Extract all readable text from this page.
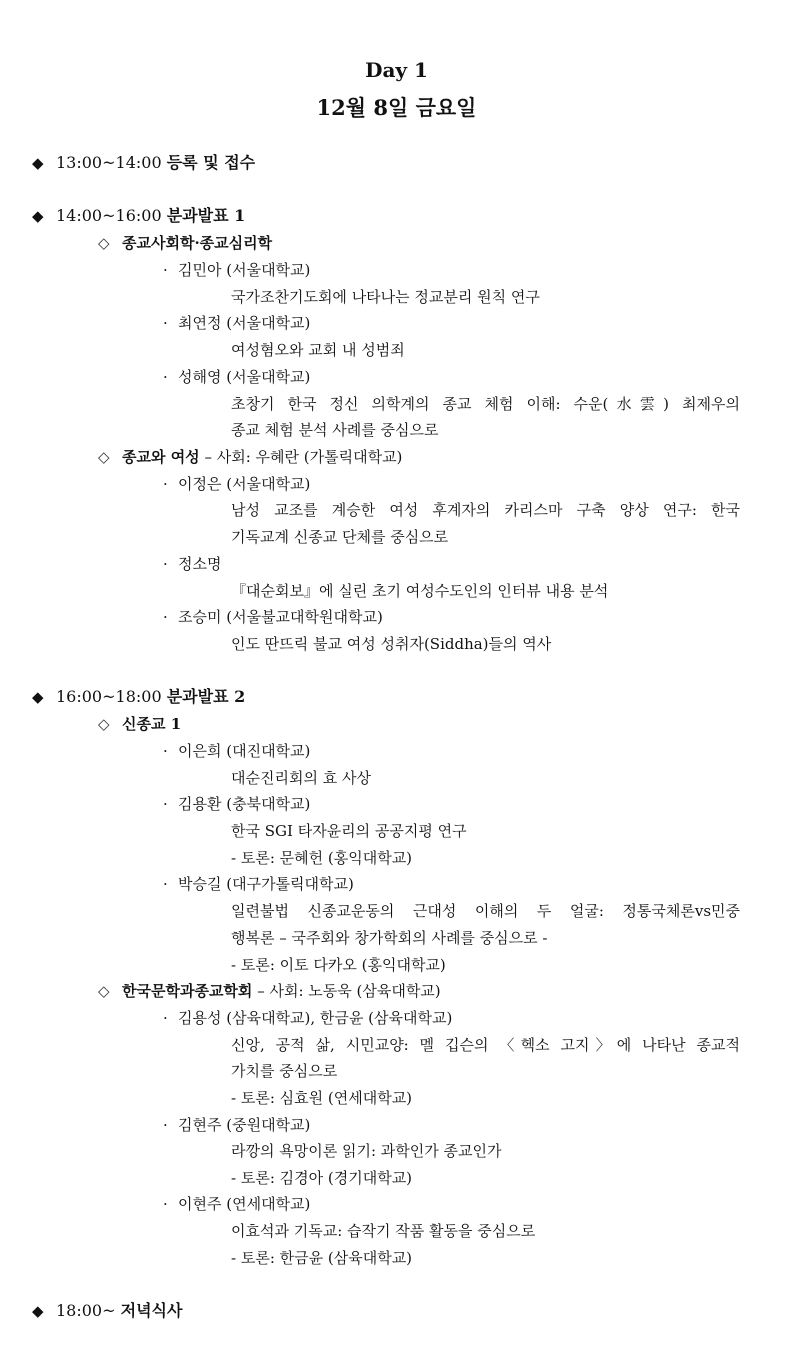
Day 1
12월 8일 금요일
◆ 13:00~14:00 등록 및 접수
◆ 14:00~16:00 분과발표 1
◇ 종교사회학·종교심리학
· 김민아 (서울대학교)
국가조찬기도회에 나타나는 정교분리 원칙 연구
· 최연정 (서울대학교)
여성혐오와 교회 내 성범죄
· 성해영 (서울대학교)
초창기 한국 정신 의학계의 종교 체험 이해: 수운(水雲) 최제우의
종교 체험 분석 사례를 중심으로
◇ 종교와 여성 – 사회: 우혜란 (가톨릭대학교)
· 이정은 (서울대학교)
남성 교조를 계승한 여성 후계자의 카리스마 구축 양상 연구: 한국
기독교계 신종교 단체를 중심으로
· 정소명
『대순회보』에 실린 초기 여성수도인의 인터뷰 내용 분석
· 조승미 (서울불교대학원대학교)
인도 딴뜨릭 불교 여성 성취자(Siddha)들의 역사
◆ 16:00~18:00 분과발표 2
◇ 신종교 1
· 이은희 (대진대학교)
대순진리회의 효 사상
· 김용환 (충북대학교)
한국 SGI 타자윤리의 공공지평 연구
- 토론: 문혜헌 (홍익대학교)
· 박승길 (대구가톨릭대학교)
일련불법 신종교운동의 근대성 이해의 두 얼굴: 정통국체론vs민중
행복론 – 국주회와 창가학회의 사례를 중심으로 -
- 토론: 이토 다카오 (홍익대학교)
◇ 한국문학과종교학회 – 사회: 노동욱 (삼육대학교)
· 김용성 (삼육대학교), 한금윤 (삼육대학교)
신앙, 공적 삶, 시민교양: 멜 깁슨의 〈헥소 고지〉에 나타난 종교적
가치를 중심으로
- 토론: 심효원 (연세대학교)
· 김현주 (중원대학교)
라깡의 욕망이론 읽기: 과학인가 종교인가
- 토론: 김경아 (경기대학교)
· 이현주 (연세대학교)
이효석과 기독교: 습작기 작품 활동을 중심으로
- 토론: 한금윤 (삼육대학교)
◆ 18:00~ 저녁식사
